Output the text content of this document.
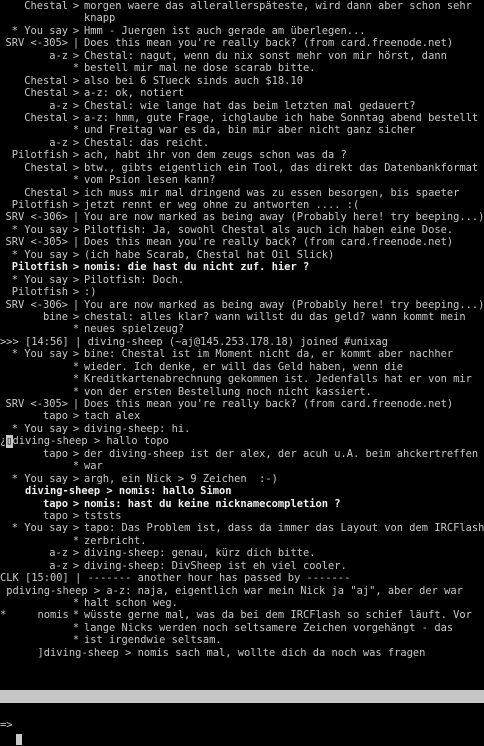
Chestal > morgen waere das allerallerspäteste, wird dann aber schon sehr
knapp
* You say > Hmm - Juergen ist auch gerade am überlegen...
SRV <-305> | Does this mean you're really back? (from card.freenode.net)
a-z > Chestal: nagut, wenn du nix sonst mehr von mir hörst, dann
* bestell mir mal ne dose scarab bitte.
Chestal > also bei 6 STueck sinds auch $18.10
Chestal > a-z: ok, notiert
a-z > Chestal: wie lange hat das beim letzten mal gedauert?
Chestal > a-z: hmm, gute Frage, ichglaube ich habe Sonntag abend bestellt
* und Freitag war es da, bin mir aber nicht ganz sicher
a-z > Chestal: das reicht.
Pilotfish > ach, habt ihr von dem zeugs schon was da ?
Chestal > btw., gibts eigentlich ein Tool, das direkt das Datenbankformat
* vom Psion lesen kann?
Chestal > ich muss mir mal dringend was zu essen besorgen, bis spaeter
Pilotfish > jetzt rennt er weg ohne zu antworten .... :(
SRV <-306> | You are now marked as being away (Probably here! try beeping...)
* You say > Pilotfish: Ja, sowohl Chestal als auch ich haben eine Dose.
SRV <-305> | Does this mean you're really back? (from card.freenode.net)
* You say > (ich habe Scarab, Chestal hat Oil Slick)
Pilotfish > nomis: die hast du nicht zuf. hier ?
* You say > Pilotfish: Doch.
Pilotfish > :)
SRV <-306> | You are now marked as being away (Probably here! try beeping...)
bine > chestal: alles klar? wann willst du das geld? wann kommt mein
* neues spielzeug?
>>> [14:56] | diving-sheep (~aj@145.253.178.18) joined #unixag
* You say > bine: Chestal ist im Moment nicht da, er kommt aber nachher
* wieder. Ich denke, er will das Geld haben, wenn die
* Kreditkartenabrechnung gekommen ist. Jedenfalls hat er von mir
* von der ersten Bestellung noch nicht kassiert.
SRV <-305> | Does this mean you're really back? (from card.freenode.net)
tapo > tach alex
* You say > diving-sheep: hi.
¿▯diving-sheep > hallo topo
tapo > der diving-sheep ist der alex, der acuh u.A. beim ahckertreffen
* war
* You say > argh, ein Nick > 9 Zeichen  :-)
diving-sheep > nomis: hallo Simon
tapo > nomis: hast du keine nicknamecompletion ?
tapo > tststs
* You say > tapo: Das Problem ist, dass da immer das Layout von dem IRCFlash
* zerbricht.
a-z > diving-sheep: genau, kürz dich bitte.
a-z > diving-sheep: DivSheep ist eh viel cooler.
CLK [15:00] | ------- another hour has passed by -------
pdiving-sheep > a-z: naja, eigentlich war mein Nick ja "aj", aber der war
* halt schon weg.
*     nomis * wüsste gerne mal, was da bei dem IRCFlash so schief läuft. Vor
* lange Nicks werden noch seltsamere Zeichen vorgehängt - das
* ist irgendwie seltsam.
]diving-sheep > nomis sach mal, wollte dich da noch was fragen

15:02 @nomis in #unixag (+nt) (13)

IRC-Flash (no lag)

=>
